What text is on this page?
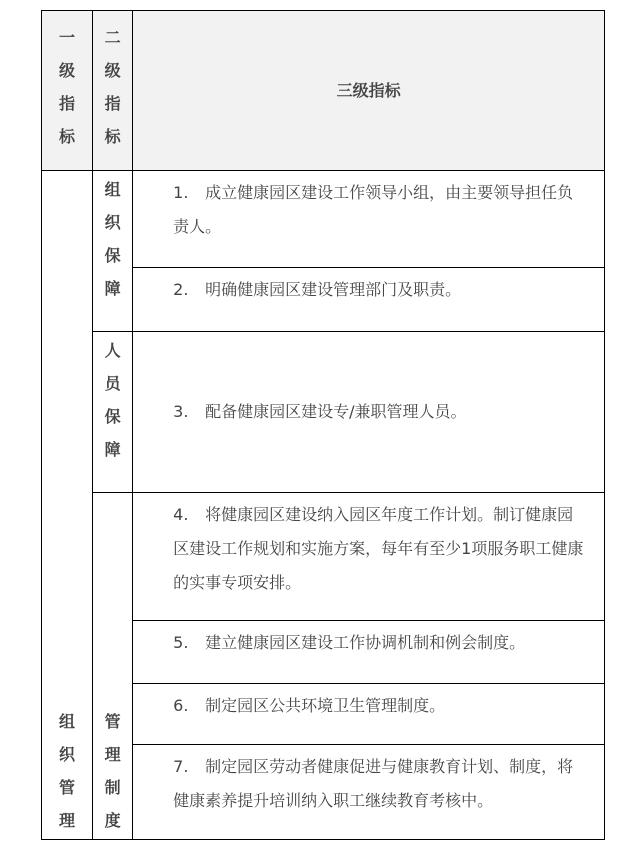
一级指标	二级指标	三级指标

组织管理	组织保障	1. 成立健康园区建设工作领导小组，由主要领导担任负责人。

		2. 明确健康园区建设管理部门及职责。

	人员保障	3. 配备健康园区建设专/兼职管理人员。

	管理制度	4. 将健康园区建设纳入园区年度工作计划。制订健康园区建设工作规划和实施方案，每年有至少1项服务职工健康的实事专项安排。

		5. 建立健康园区建设工作协调机制和例会制度。

		6. 制定园区公共环境卫生管理制度。

		7. 制定园区劳动者健康促进与健康教育计划、制度，将健康素养提升培训纳入职工继续教育考核中。
